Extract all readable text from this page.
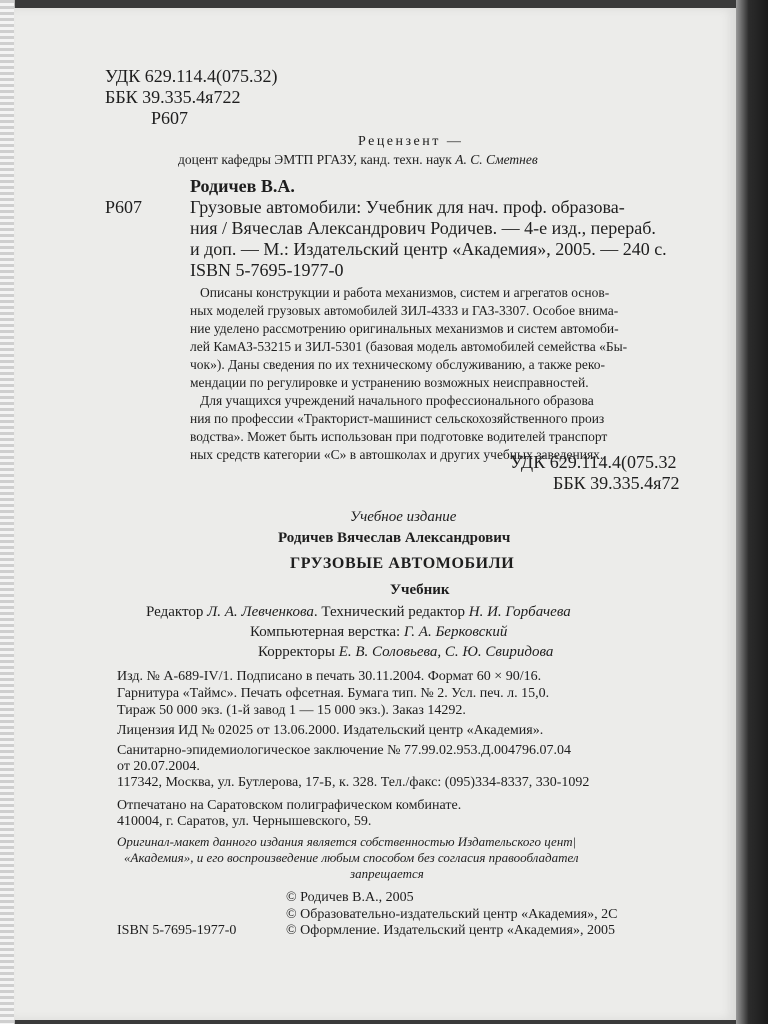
УДК 629.114.4(075.32)
ББК 39.335.4я722
Р607
Рецензент —
доцент кафедры ЭМТП РГАЗУ, канд. техн. наук А. С. Сметнев
Родичев В.А.
Р607	Грузовые автомобили: Учебник для нач. проф. образова-
ния / Вячеслав Александрович Родичев. — 4-е изд., перераб.
и доп. — М.: Издательский центр «Академия», 2005. — 240 с.
ISBN 5-7695-1977-0
Описаны конструкции и работа механизмов, систем и агрегатов основ-
ных моделей грузовых автомобилей ЗИЛ-4333 и ГАЗ-3307. Особое внима-
ние уделено рассмотрению оригинальных механизмов и систем автомоби-
лей КамАЗ-53215 и ЗИЛ-5301 (базовая модель автомобилей семейства «Бы-
чок»). Даны сведения по их техническому обслуживанию, а также реко-
мендации по регулировке и устранению возможных неисправностей.
Для учащихся учреждений начального профессионального образова
ния по профессии «Тракторист-машинист сельскохозяйственного произ
водства». Может быть использован при подготовке водителей транспорт
ных средств категории «С» в автошколах и других учебных заведениях.
УДК 629.114.4(075.32
ББК 39.335.4я72
Учебное издание
Родичев Вячеслав Александрович
ГРУЗОВЫЕ АВТОМОБИЛИ
Учебник
Редактор Л. А. Левченкова. Технический редактор Н. И. Горбачева
Компьютерная верстка: Г. А. Берковский
Корректоры Е. В. Соловьева, С. Ю. Свиридова
Изд. № А-689-IV/1. Подписано в печать 30.11.2004. Формат 60 × 90/16.
Гарнитура «Таймс». Печать офсетная. Бумага тип. № 2. Усл. печ. л. 15,0.
Тираж 50 000 экз. (1-й завод 1 — 15 000 экз.). Заказ 14292.
Лицензия ИД № 02025 от 13.06.2000. Издательский центр «Академия».
Санитарно-эпидемиологическое заключение № 77.99.02.953.Д.004796.07.04
от 20.07.2004.
117342, Москва, ул. Бутлерова, 17-Б, к. 328. Тел./факс: (095)334-8337, 330-1092
Отпечатано на Саратовском полиграфическом комбинате.
410004, г. Саратов, ул. Чернышевского, 59.
Оригинал-макет данного издания является собственностью Издательского цент|
«Академия», и его воспроизведение любым способом без согласия правообладател
запрещается
© Родичев В.А., 2005
© Образовательно-издательский центр «Академия», 2С
ISBN 5-7695-1977-0	© Оформление. Издательский центр «Академия», 2005
